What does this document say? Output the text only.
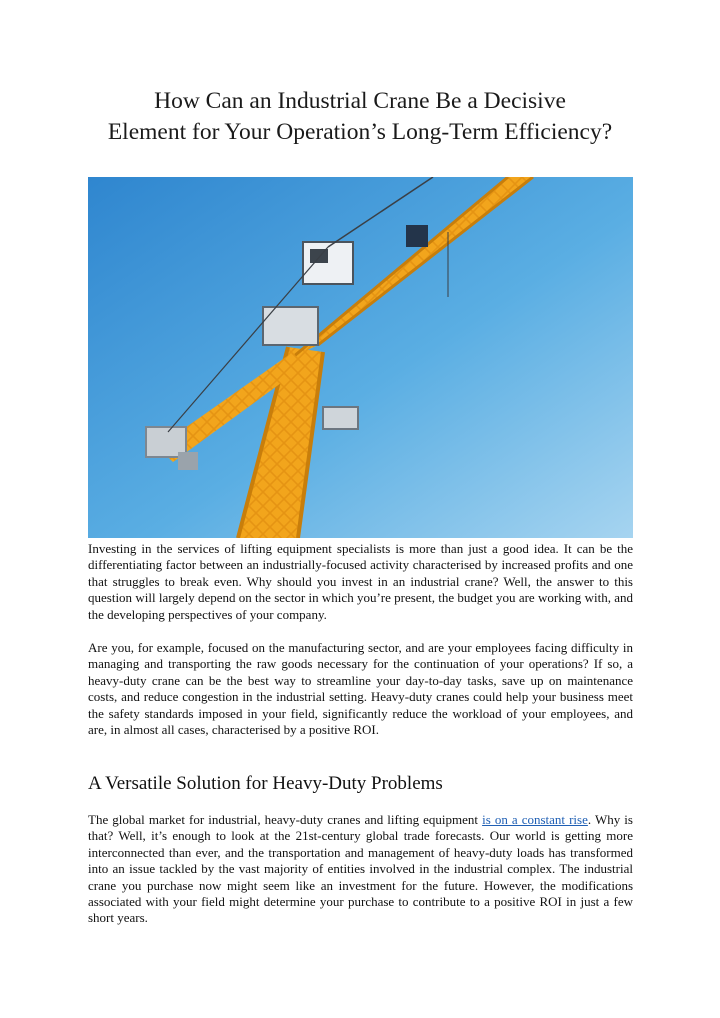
How Can an Industrial Crane Be a Decisive
Element for Your Operation’s Long-Term Efficiency?

Investing in the services of lifting equipment specialists is more than just a good idea. It can be the differentiating factor between an industrially-focused activity characterised by increased profits and one that struggles to break even. Why should you invest in an industrial crane? Well, the answer to this question will largely depend on the sector in which you’re present, the budget you are working with, and the developing perspectives of your company.

Are you, for example, focused on the manufacturing sector, and are your employees facing difficulty in managing and transporting the raw goods necessary for the continuation of your operations? If so, a heavy-duty crane can be the best way to streamline your day-to-day tasks, save up on maintenance costs, and reduce congestion in the industrial setting. Heavy-duty cranes could help your business meet the safety standards imposed in your field, significantly reduce the workload of your employees, and are, in almost all cases, characterised by a positive ROI.

A Versatile Solution for Heavy-Duty Problems

The global market for industrial, heavy-duty cranes and lifting equipment is on a constant rise. Why is that? Well, it’s enough to look at the 21st-century global trade forecasts. Our world is getting more interconnected than ever, and the transportation and management of heavy-duty loads has transformed into an issue tackled by the vast majority of entities involved in the industrial complex. The industrial crane you purchase now might seem like an investment for the future. However, the modifications associated with your field might determine your purchase to contribute to a positive ROI in just a few short years.
